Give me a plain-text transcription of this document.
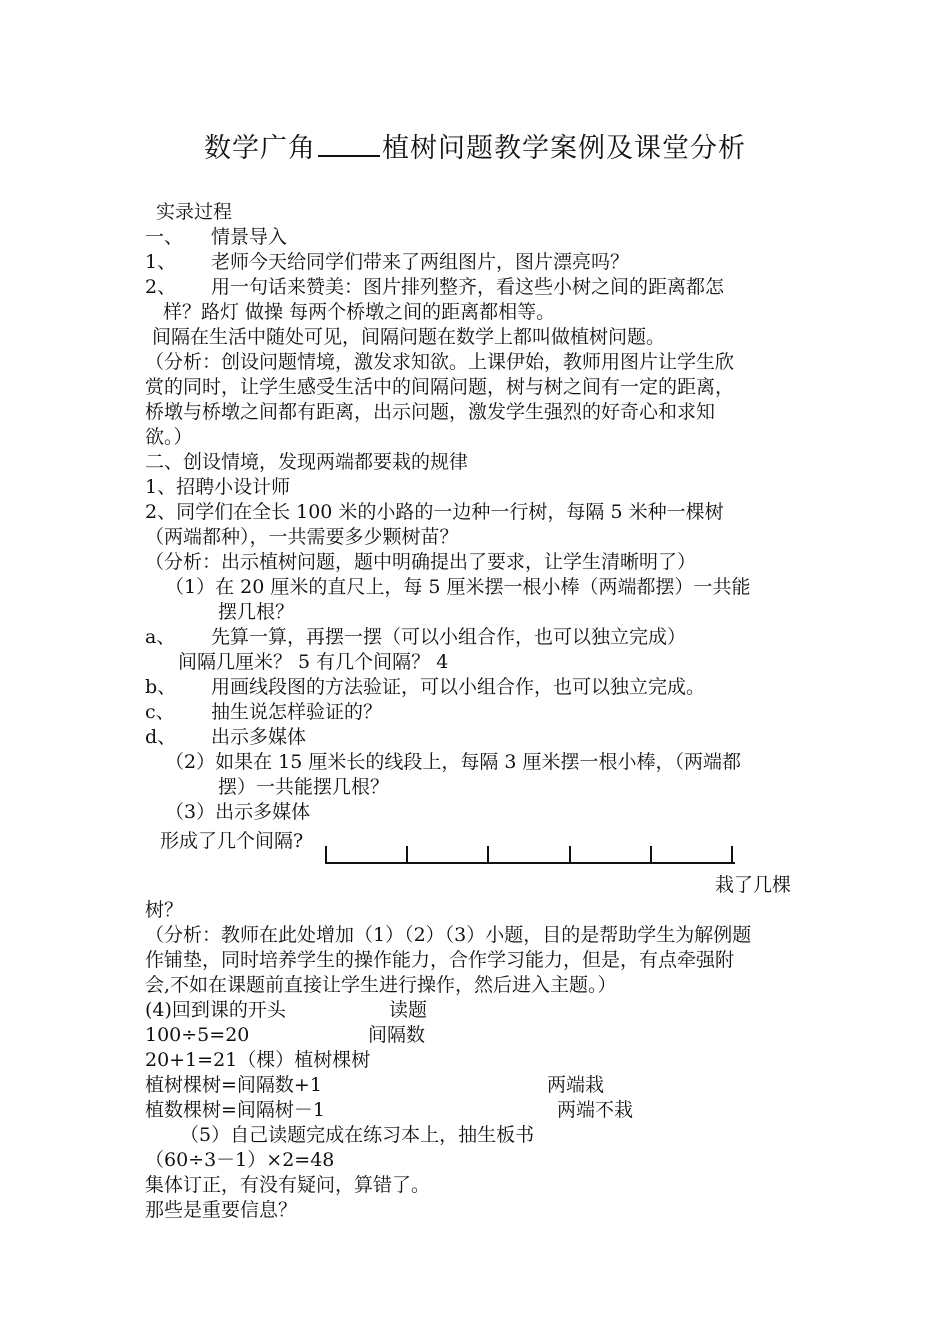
数学广角 植树问题教学案例及课堂分析
实录过程
一、 情景导入
1、 老师今天给同学们带来了两组图片，图片漂亮吗？
2、 用一句话来赞美：图片排列整齐，看这些小树之间的距离都怎
样？路灯 做操 每两个桥墩之间的距离都相等。
间隔在生活中随处可见，间隔问题在数学上都叫做植树问题。
（分析：创设问题情境，激发求知欲。上课伊始，教师用图片让学生欣
赏的同时，让学生感受生活中的间隔问题，树与树之间有一定的距离，
桥墩与桥墩之间都有距离，出示问题，激发学生强烈的好奇心和求知
欲。）
二、创设情境，发现两端都要栽的规律
1、招聘小设计师
2、同学们在全长 100 米的小路的一边种一行树，每隔 5 米种一棵树
（两端都种），一共需要多少颗树苗？
（分析：出示植树问题，题中明确提出了要求，让学生清晰明了）
（1）在 20 厘米的直尺上，每 5 厘米摆一根小棒（两端都摆）一共能
摆几根？
a、 先算一算，再摆一摆（可以小组合作，也可以独立完成）
间隔几厘米？ 5 有几个间隔？ 4
b、 用画线段图的方法验证，可以小组合作，也可以独立完成。
c、 抽生说怎样验证的？
d、 出示多媒体
（2）如果在 15 厘米长的线段上，每隔 3 厘米摆一根小棒，（两端都
摆）一共能摆几根？
（3）出示多媒体
形成了几个间隔?
栽了几棵
树？
（分析：教师在此处增加（1）（2）（3）小题，目的是帮助学生为解例题
作铺垫，同时培养学生的操作能力，合作学习能力，但是，有点牵强附
会,不如在课题前直接让学生进行操作，然后进入主题。）
(4)回到课的开头	读题
100÷5=20	间隔数
20+1=21（棵）植树棵树
植树棵树=间隔数+1	两端栽
植数棵树=间隔树－1	两端不栽
（5）自己读题完成在练习本上，抽生板书
（60÷3－1）×2=48
集体订正，有没有疑问，算错了。
那些是重要信息？
